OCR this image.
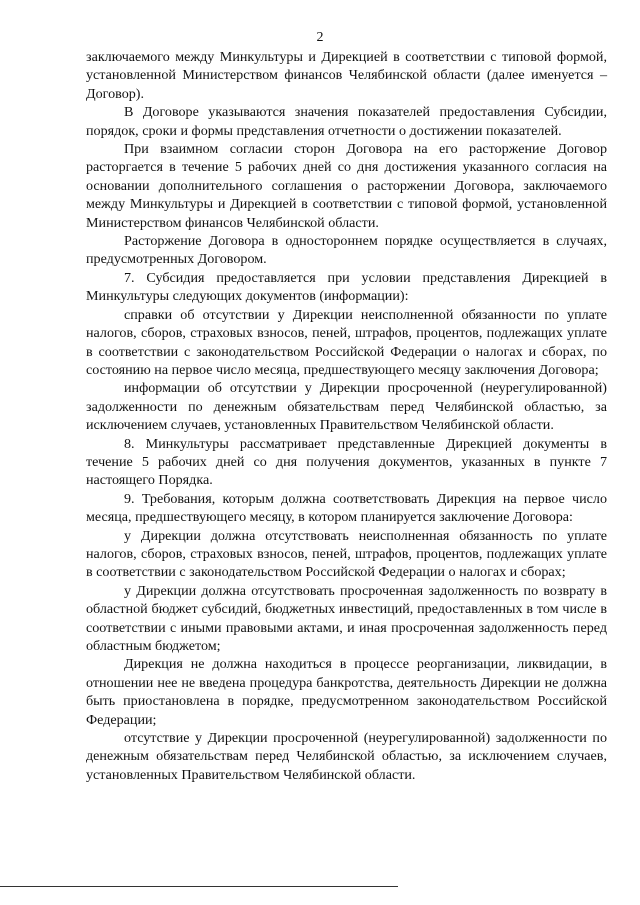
2

заключаемого между Минкультуры и Дирекцией в соответствии с типовой формой, установленной Министерством финансов Челябинской области (далее именуется – Договор).

В Договоре указываются значения показателей предоставления Субсидии, порядок, сроки и формы представления отчетности о достижении показателей.

При взаимном согласии сторон Договора на его расторжение Договор расторгается в течение 5 рабочих дней со дня достижения указанного согласия на основании дополнительного соглашения о расторжении Договора, заключаемого между Минкультуры и Дирекцией в соответствии с типовой формой, установленной Министерством финансов Челябинской области.

Расторжение Договора в одностороннем порядке осуществляется в случаях, предусмотренных Договором.

7. Субсидия предоставляется при условии представления Дирекцией в Минкультуры следующих документов (информации):

справки об отсутствии у Дирекции неисполненной обязанности по уплате налогов, сборов, страховых взносов, пеней, штрафов, процентов, подлежащих уплате в соответствии с законодательством Российской Федерации о налогах и сборах, по состоянию на первое число месяца, предшествующего месяцу заключения Договора;

информации об отсутствии у Дирекции просроченной (неурегулированной) задолженности по денежным обязательствам перед Челябинской областью, за исключением случаев, установленных Правительством Челябинской области.

8. Минкультуры рассматривает представленные Дирекцией документы в течение 5 рабочих дней со дня получения документов, указанных в пункте 7 настоящего Порядка.

9. Требования, которым должна соответствовать Дирекция на первое число месяца, предшествующего месяцу, в котором планируется заключение Договора:

у Дирекции должна отсутствовать неисполненная обязанность по уплате налогов, сборов, страховых взносов, пеней, штрафов, процентов, подлежащих уплате в соответствии с законодательством Российской Федерации о налогах и сборах;

у Дирекции должна отсутствовать просроченная задолженность по возврату в областной бюджет субсидий, бюджетных инвестиций, предоставленных в том числе в соответствии с иными правовыми актами, и иная просроченная задолженность перед областным бюджетом;

Дирекция не должна находиться в процессе реорганизации, ликвидации, в отношении нее не введена процедура банкротства, деятельность Дирекции не должна быть приостановлена в порядке, предусмотренном законодательством Российской Федерации;

отсутствие у Дирекции просроченной (неурегулированной) задолженности по денежным обязательствам перед Челябинской областью, за исключением случаев, установленных Правительством Челябинской области.
